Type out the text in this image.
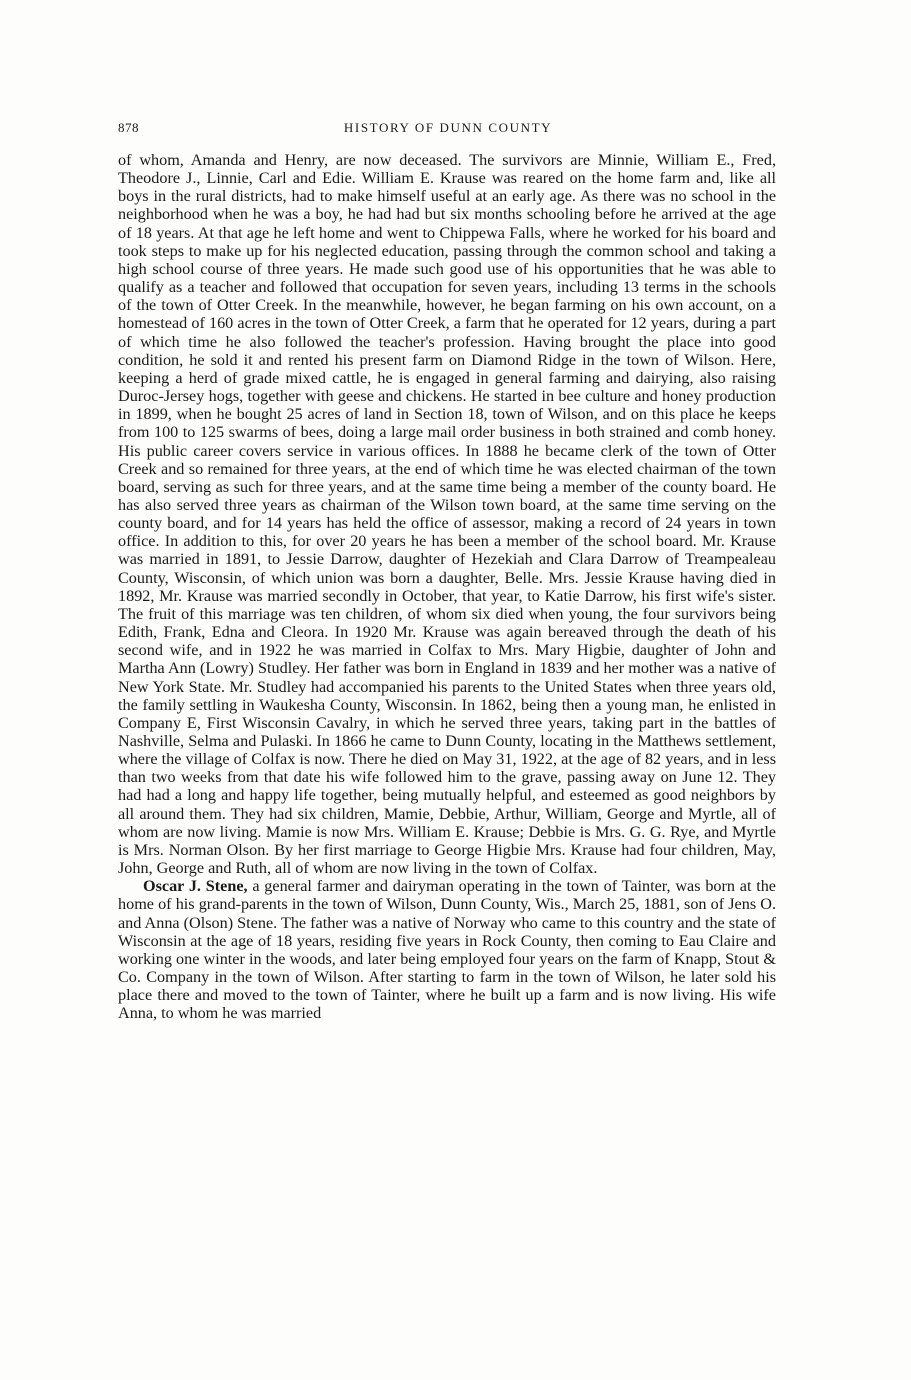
878	HISTORY OF DUNN COUNTY

of whom, Amanda and Henry, are now deceased. The survivors are Minnie, William E., Fred, Theodore J., Linnie, Carl and Edie. William E. Krause was reared on the home farm and, like all boys in the rural districts, had to make himself useful at an early age. As there was no school in the neighborhood when he was a boy, he had had but six months schooling before he arrived at the age of 18 years. At that age he left home and went to Chippewa Falls, where he worked for his board and took steps to make up for his neglected education, passing through the common school and taking a high school course of three years. He made such good use of his opportunities that he was able to qualify as a teacher and followed that occupation for seven years, including 13 terms in the schools of the town of Otter Creek. In the meanwhile, however, he began farming on his own account, on a homestead of 160 acres in the town of Otter Creek, a farm that he operated for 12 years, during a part of which time he also followed the teacher's profession. Having brought the place into good condition, he sold it and rented his present farm on Diamond Ridge in the town of Wilson. Here, keeping a herd of grade mixed cattle, he is engaged in general farming and dairying, also raising Duroc-Jersey hogs, together with geese and chickens. He started in bee culture and honey production in 1899, when he bought 25 acres of land in Section 18, town of Wilson, and on this place he keeps from 100 to 125 swarms of bees, doing a large mail order business in both strained and comb honey. His public career covers service in various offices. In 1888 he became clerk of the town of Otter Creek and so remained for three years, at the end of which time he was elected chairman of the town board, serving as such for three years, and at the same time being a member of the county board. He has also served three years as chairman of the Wilson town board, at the same time serving on the county board, and for 14 years has held the office of assessor, making a record of 24 years in town office. In addition to this, for over 20 years he has been a member of the school board. Mr. Krause was married in 1891, to Jessie Darrow, daughter of Hezekiah and Clara Darrow of Treampealeau County, Wisconsin, of which union was born a daughter, Belle. Mrs. Jessie Krause having died in 1892, Mr. Krause was married secondly in October, that year, to Katie Darrow, his first wife's sister. The fruit of this marriage was ten children, of whom six died when young, the four survivors being Edith, Frank, Edna and Cleora. In 1920 Mr. Krause was again bereaved through the death of his second wife, and in 1922 he was married in Colfax to Mrs. Mary Higbie, daughter of John and Martha Ann (Lowry) Studley. Her father was born in England in 1839 and her mother was a native of New York State. Mr. Studley had accompanied his parents to the United States when three years old, the family settling in Waukesha County, Wisconsin. In 1862, being then a young man, he enlisted in Company E, First Wisconsin Cavalry, in which he served three years, taking part in the battles of Nashville, Selma and Pulaski. In 1866 he came to Dunn County, locating in the Matthews settlement, where the village of Colfax is now. There he died on May 31, 1922, at the age of 82 years, and in less than two weeks from that date his wife followed him to the grave, passing away on June 12. They had had a long and happy life together, being mutually helpful, and esteemed as good neighbors by all around them. They had six children, Mamie, Debbie, Arthur, William, George and Myrtle, all of whom are now living. Mamie is now Mrs. William E. Krause; Debbie is Mrs. G. G. Rye, and Myrtle is Mrs. Norman Olson. By her first marriage to George Higbie Mrs. Krause had four children, May, John, George and Ruth, all of whom are now living in the town of Colfax.

Oscar J. Stene, a general farmer and dairyman operating in the town of Tainter, was born at the home of his grand-parents in the town of Wilson, Dunn County, Wis., March 25, 1881, son of Jens O. and Anna (Olson) Stene. The father was a native of Norway who came to this country and the state of Wisconsin at the age of 18 years, residing five years in Rock County, then coming to Eau Claire and working one winter in the woods, and later being employed four years on the farm of Knapp, Stout & Co. Company in the town of Wilson. After starting to farm in the town of Wilson, he later sold his place there and moved to the town of Tainter, where he built up a farm and is now living. His wife Anna, to whom he was married
